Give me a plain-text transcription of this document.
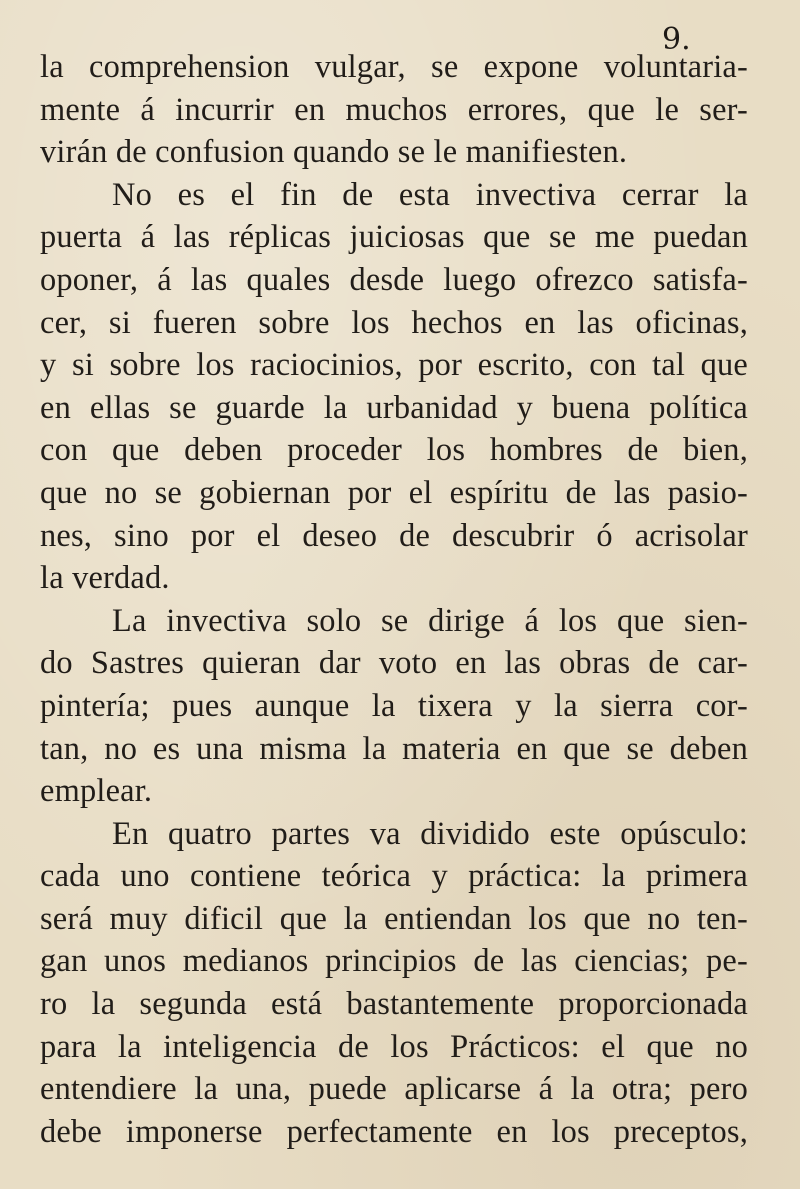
9.

la comprehension vulgar, se expone voluntaria-
mente á incurrir en muchos errores, que le ser-
virán de confusion quando se le manifiesten.
No es el fin de esta invectiva cerrar la
puerta á las réplicas juiciosas que se me puedan
oponer, á las quales desde luego ofrezco satisfa-
cer, si fueren sobre los hechos en las oficinas,
y si sobre los raciocinios, por escrito, con tal que
en ellas se guarde la urbanidad y buena política
con que deben proceder los hombres de bien,
que no se gobiernan por el espíritu de las pasio-
nes, sino por el deseo de descubrir ó acrisolar
la verdad.
La invectiva solo se dirige á los que sien-
do Sastres quieran dar voto en las obras de car-
pintería; pues aunque la tixera y la sierra cor-
tan, no es una misma la materia en que se deben
emplear.
En quatro partes va dividido este opúsculo:
cada uno contiene teórica y práctica: la primera
será muy dificil que la entiendan los que no ten-
gan unos medianos principios de las ciencias; pe-
ro la segunda está bastantemente proporcionada
para la inteligencia de los Prácticos: el que no
entendiere la una, puede aplicarse á la otra; pero
debe imponerse perfectamente en los preceptos,
